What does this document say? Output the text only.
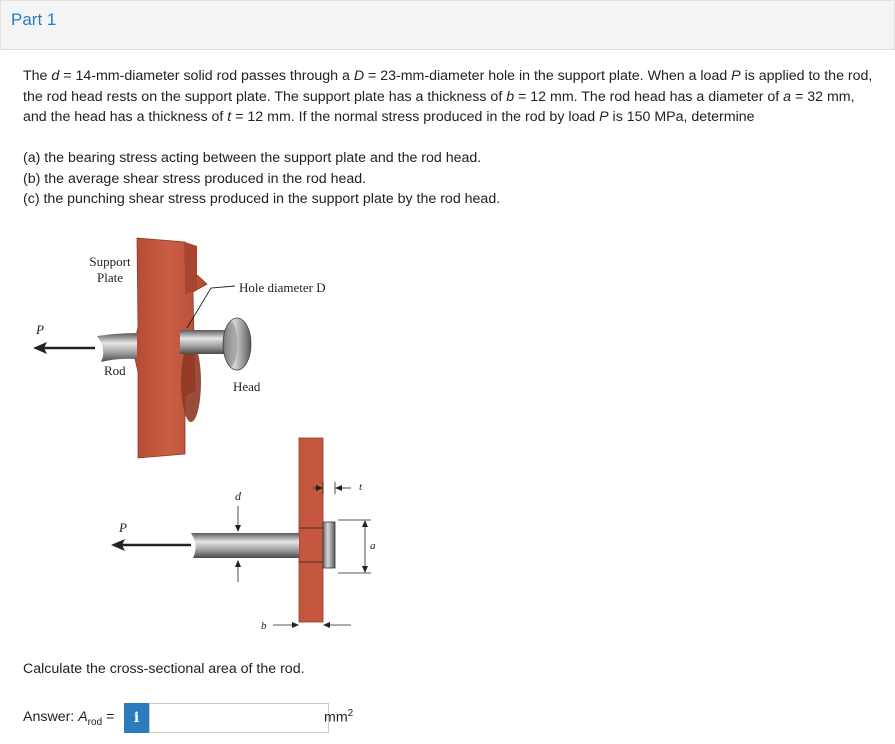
Part 1
The d = 14-mm-diameter solid rod passes through a D = 23-mm-diameter hole in the support plate. When a load P is applied to the rod, the rod head rests on the support plate. The support plate has a thickness of b = 12 mm. The rod head has a diameter of a = 32 mm, and the head has a thickness of t = 12 mm. If the normal stress produced in the rod by load P is 150 MPa, determine
(a) the bearing stress acting between the support plate and the rod head.
(b) the average shear stress produced in the rod head.
(c) the punching shear stress produced in the support plate by the rod head.
Support
Plate
Hole diameter D
P
Rod
Head
P
d
t
a
b
Calculate the cross-sectional area of the rod.
Answer: $A_{rod}$ =	i	$mm^2$
